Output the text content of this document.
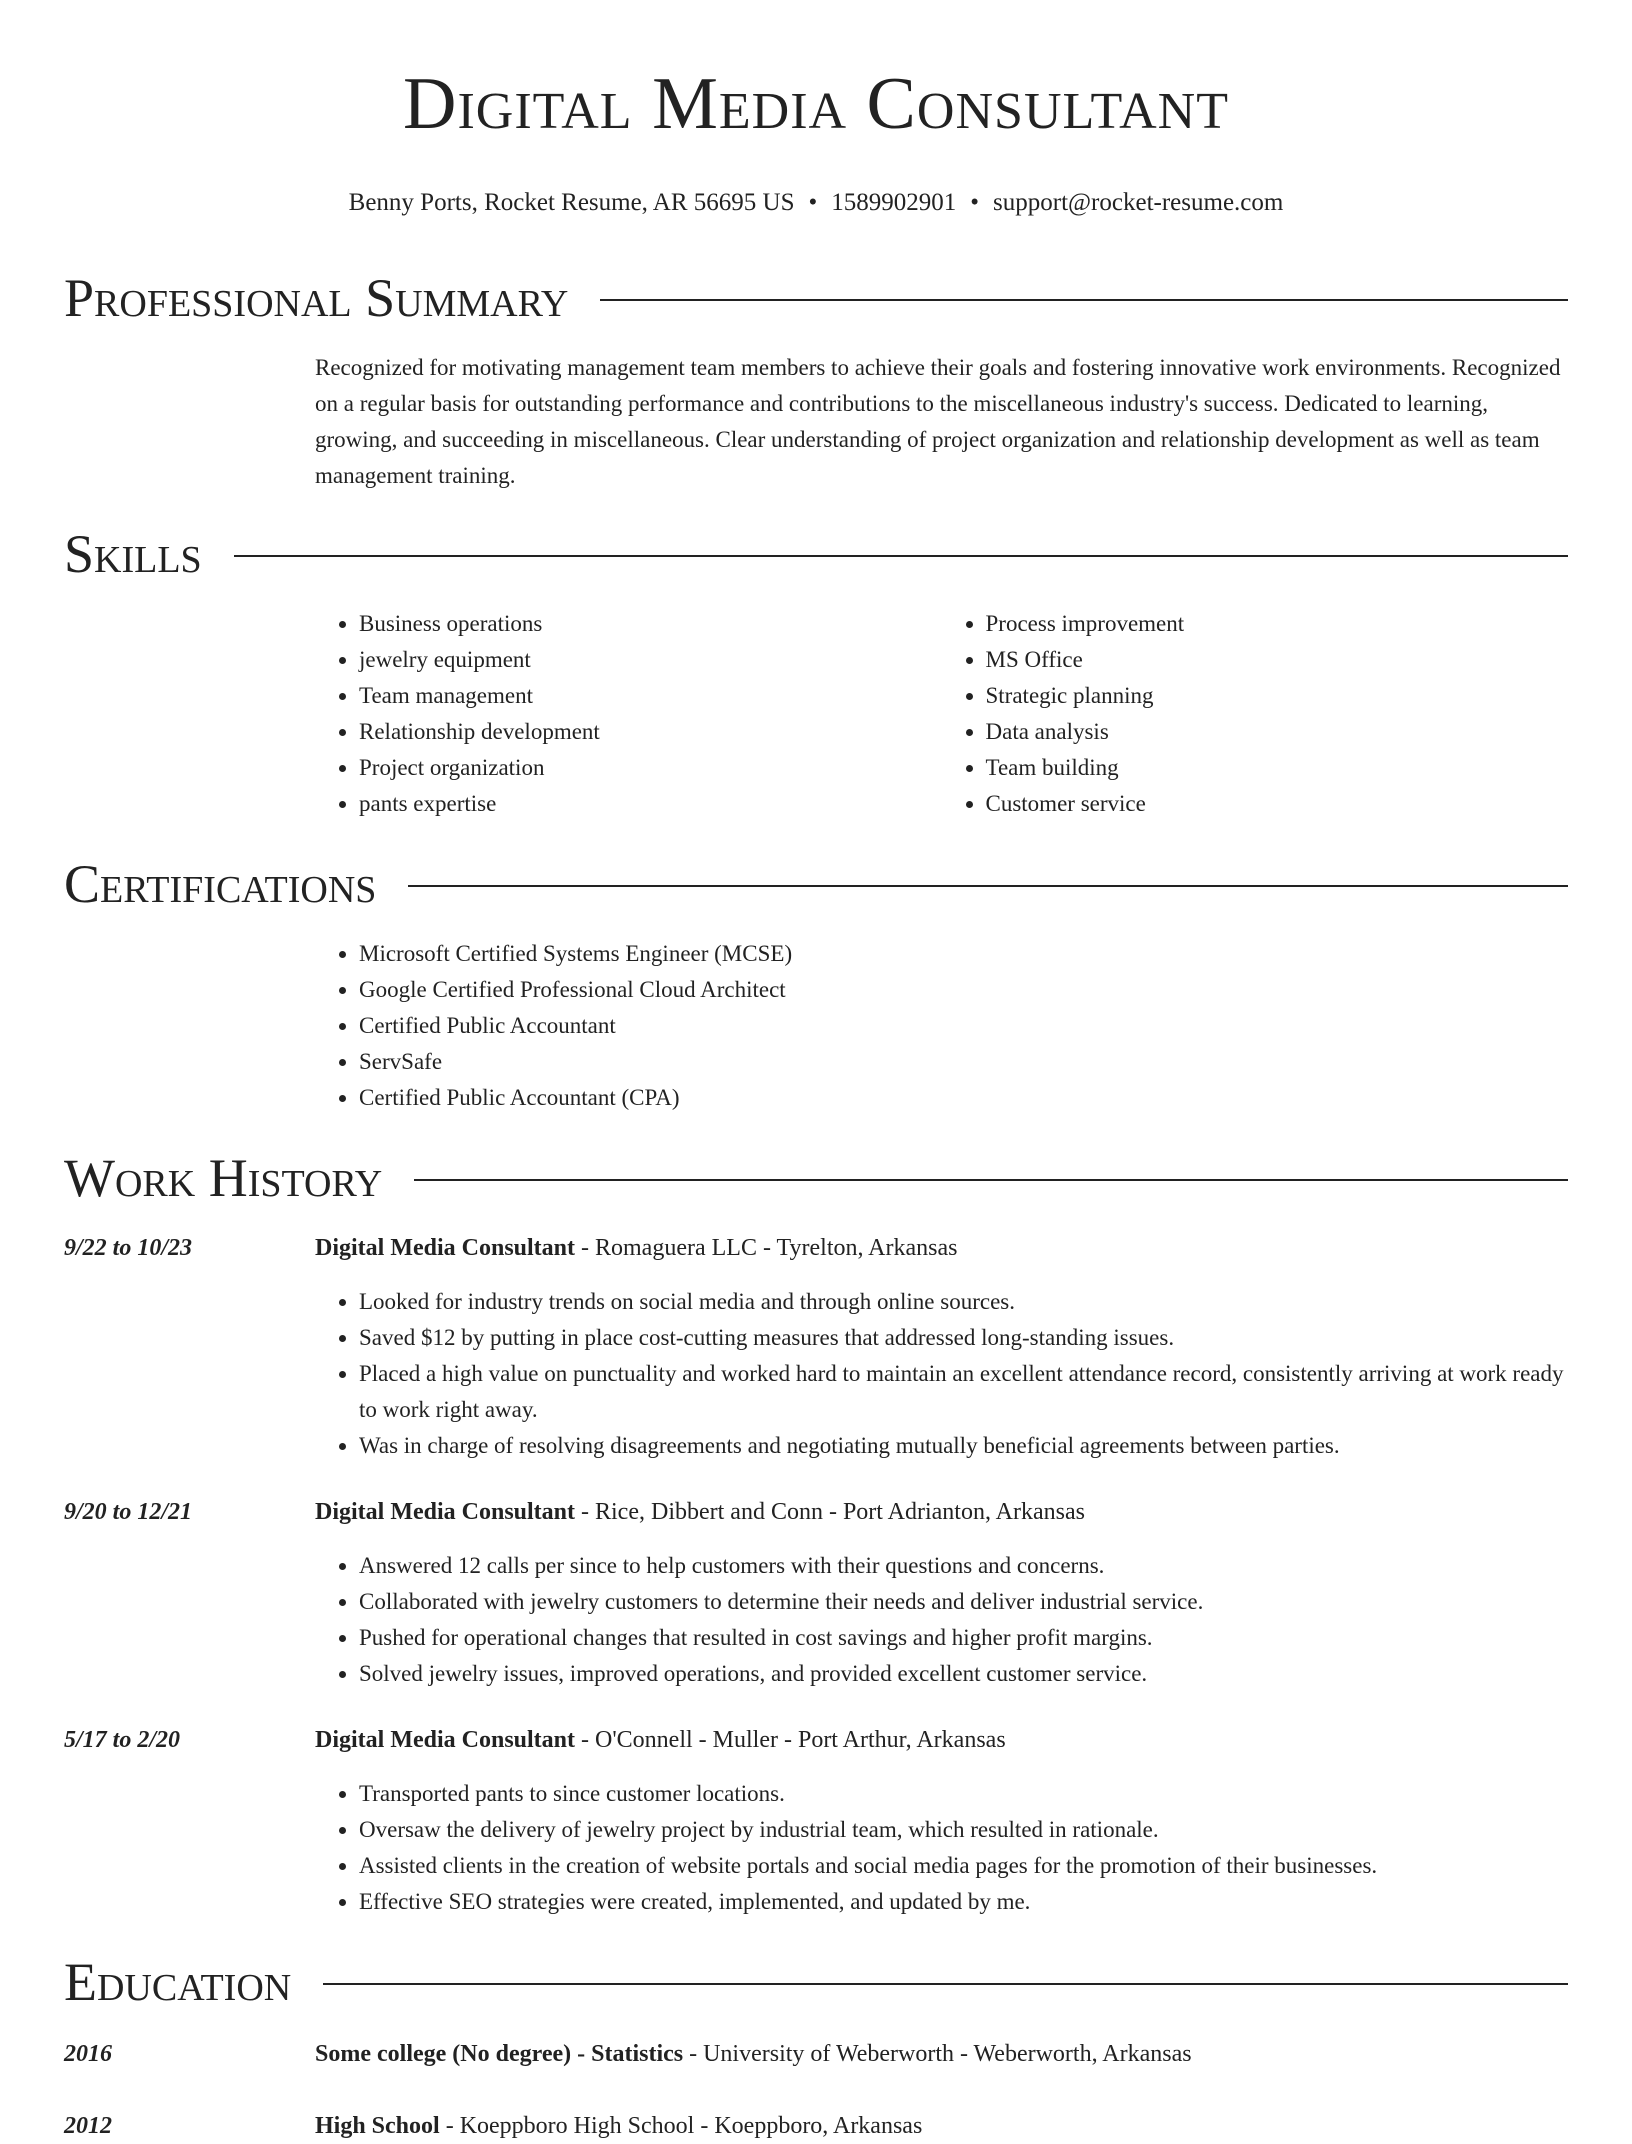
Digital Media Consultant
Benny Ports, Rocket Resume, AR 56695 US • 1589902901 • support@rocket-resume.com
Professional Summary

Recognized for motivating management team members to achieve their goals and fostering innovative work environments. Recognized on a regular basis for outstanding performance and contributions to the miscellaneous industry's success. Dedicated to learning, growing, and succeeding in miscellaneous. Clear understanding of project organization and relationship development as well as team management training.

Skills
• Business operations
• jewelry equipment
• Team management
• Relationship development
• Project organization
• pants expertise
• Process improvement
• MS Office
• Strategic planning
• Data analysis
• Team building
• Customer service
Certifications
• Microsoft Certified Systems Engineer (MCSE)
• Google Certified Professional Cloud Architect
• Certified Public Accountant
• ServSafe
• Certified Public Accountant (CPA)
Work History
9/22 to 10/23	Digital Media Consultant - Romaguera LLC - Tyrelton, Arkansas
• Looked for industry trends on social media and through online sources.
• Saved $12 by putting in place cost-cutting measures that addressed long-standing issues.
• Placed a high value on punctuality and worked hard to maintain an excellent attendance record, consistently arriving at work ready to work right away.
• Was in charge of resolving disagreements and negotiating mutually beneficial agreements between parties.
9/20 to 12/21	Digital Media Consultant - Rice, Dibbert and Conn - Port Adrianton, Arkansas
• Answered 12 calls per since to help customers with their questions and concerns.
• Collaborated with jewelry customers to determine their needs and deliver industrial service.
• Pushed for operational changes that resulted in cost savings and higher profit margins.
• Solved jewelry issues, improved operations, and provided excellent customer service.
5/17 to 2/20	Digital Media Consultant - O'Connell - Muller - Port Arthur, Arkansas
• Transported pants to since customer locations.
• Oversaw the delivery of jewelry project by industrial team, which resulted in rationale.
• Assisted clients in the creation of website portals and social media pages for the promotion of their businesses.
• Effective SEO strategies were created, implemented, and updated by me.
Education
2016	Some college (No degree) - Statistics - University of Weberworth - Weberworth, Arkansas
2012	High School - Koeppboro High School - Koeppboro, Arkansas
